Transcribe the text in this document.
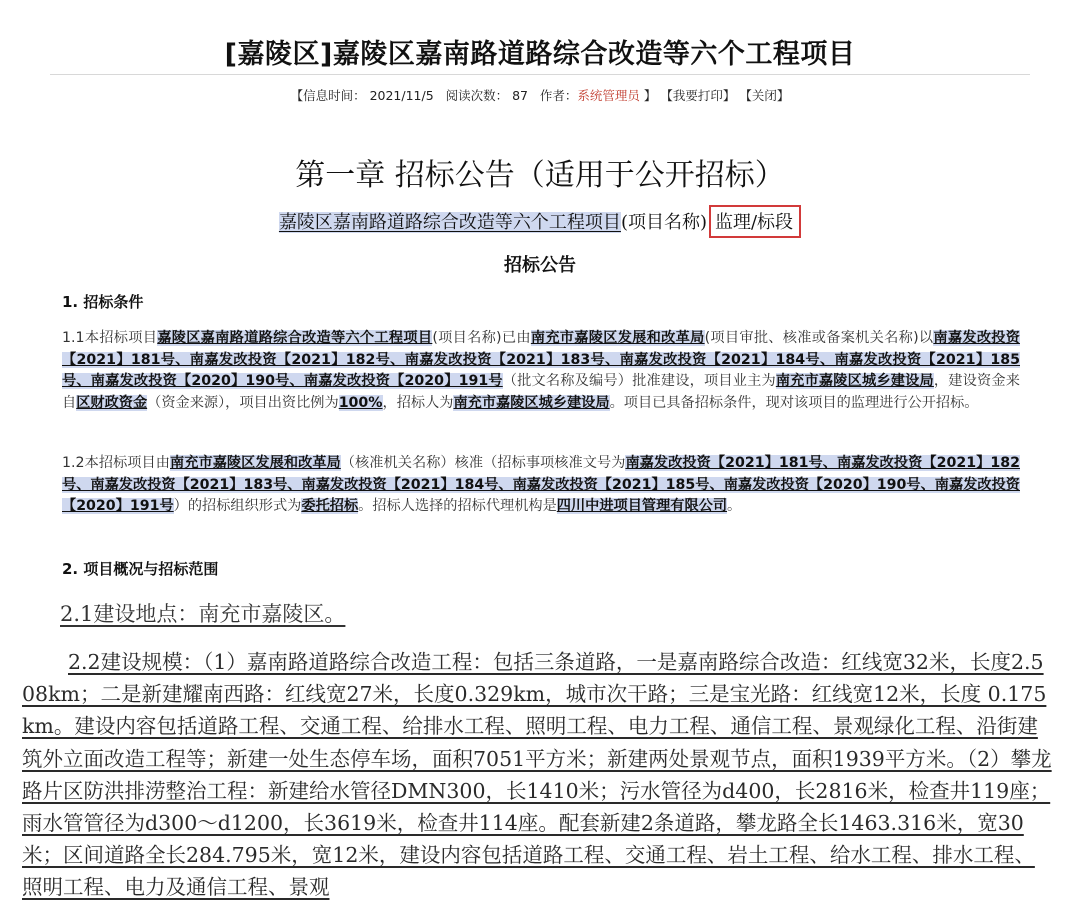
[嘉陵区]嘉陵区嘉南路道路综合改造等六个工程项目
【信息时间： 2021/11/5 阅读次数： 87 作者：系统管理员 】 【我要打印】 【关闭】
第一章 招标公告（适用于公开招标）
嘉陵区嘉南路道路综合改造等六个工程项目(项目名称) 监理/标段
招标公告
1. 招标条件
1.1本招标项目嘉陵区嘉南路道路综合改造等六个工程项目(项目名称)已由南充市嘉陵区发展和改革局(项目审批、核准或备案机关名称)以南嘉发改投资【2021】181号、南嘉发改投资【2021】182号、南嘉发改投资【2021】183号、南嘉发改投资【2021】184号、南嘉发改投资【2021】185号、南嘉发改投资【2020】190号、南嘉发改投资【2020】191号（批文名称及编号）批准建设，项目业主为南充市嘉陵区城乡建设局，建设资金来自区财政资金（资金来源），项目出资比例为100%，招标人为南充市嘉陵区城乡建设局。项目已具备招标条件，现对该项目的监理进行公开招标。
1.2本招标项目由南充市嘉陵区发展和改革局（核准机关名称）核准（招标事项核准文号为南嘉发改投资【2021】181号、南嘉发改投资【2021】182号、南嘉发改投资【2021】183号、南嘉发改投资【2021】184号、南嘉发改投资【2021】185号、南嘉发改投资【2020】190号、南嘉发改投资【2020】191号）的招标组织形式为委托招标。招标人选择的招标代理机构是四川中进项目管理有限公司。
2. 项目概况与招标范围
2.1建设地点：南充市嘉陵区。
2.2建设规模：（1）嘉南路道路综合改造工程：包括三条道路，一是嘉南路综合改造：红线宽32米，长度2.508km；二是新建耀南西路：红线宽27米，长度0.329km，城市次干路；三是宝光路：红线宽12米，长度 0.175km。建设内容包括道路工程、交通工程、给排水工程、照明工程、电力工程、通信工程、景观绿化工程、沿街建筑外立面改造工程等；新建一处生态停车场，面积7051平方米；新建两处景观节点，面积1939平方米。（2）攀龙路片区防洪排涝整治工程：新建给水管径DMN300，长1410米；污水管径为d400，长2816米，检查井119座；雨水管管径为d300～d1200，长3619米，检查井114座。配套新建2条道路，攀龙路全长1463.316米，宽30米；区间道路全长284.795米，宽12米，建设内容包括道路工程、交通工程、岩土工程、给水工程、排水工程、照明工程、电力及通信工程、景观
